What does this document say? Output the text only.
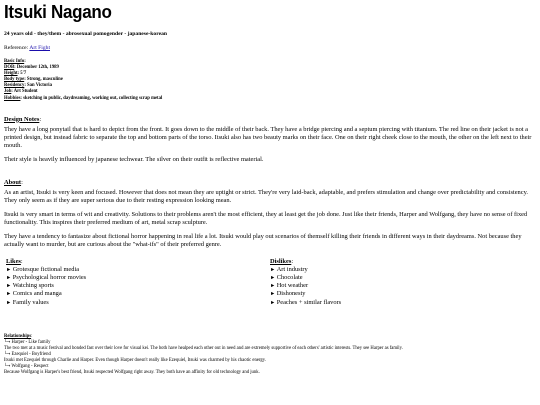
Itsuki Nagano
24 years old - they/them - abrosexual pomogender - japanese-korean
Reference: Art Fight
Basic Info:
DOB: December 12th, 1989
Height: 5'7
Body type: Strong, masculine
Residency: San Victoria
Job: Art Student
Hobbies: sketching in public, daydreaming, working out, collecting scrap metal
Design Notes:

They have a long ponytail that is hard to depict from the front. It goes down to the middle of their back. They have a bridge piercing and a septum piercing with titanium. The red line on their jacket is not a printed design, but instead fabric to separate the top and bottom parts of the torso. Itsuki also has two beauty marks on their face. One on their right cheek close to the mouth, the other on the left next to their mouth.

Their style is heavily influenced by japanese techwear. The silver on their outfit is reflective material.

About:

As an artist, Itsuki is very keen and focused. However that does not mean they are uptight or strict. They're very laid-back, adaptable, and prefers stimulation and change over predictability and consistency. They only seem as if they are super serious due to their resting expression looking mean.

Itsuki is very smart in terms of wit and creativity. Solutions to their problems aren't the most efficient, they at least get the job done. Just like their friends, Harper and Wolfgang, they have no sense of fixed functionality. This inspires their preferred medium of art, metal scrap sculpture.

They have a tendency to fantasize about fictional horror happening in real life a lot. Itsuki would play out scenarios of themself killing their friends in different ways in their daydreams. Not because they actually want to murder, but are curious about the "what-ifs" of their preferred genre.

Likes:
► Grotesque fictional media
► Psychological horror movies
► Watching sports
► Comics and manga
► Family values
Dislikes:
► Art industry
► Chocolate
► Hot weather
► Dishonesty
► Peaches + similar flavors
Relationships:
└→ Harper - Like family
The two met at a music festival and bonded fast over their love for visual kei. The both have healped each other out in need and are extremely supportive of each others' artistic interests. They see Harper as family.
└→ Ezequiel - Boyfriend
Itsuki met Ezequiel through Charlie and Harper. Even though Harper doesn't really like Ezequiel, Itsuki was charmed by his chaotic energy.
└→ Wolfgang - Respect
Because Wolfgang is Harper's best friend, Itsuki respected Wolfgang right away. They both have an affinity for old technology and junk.
